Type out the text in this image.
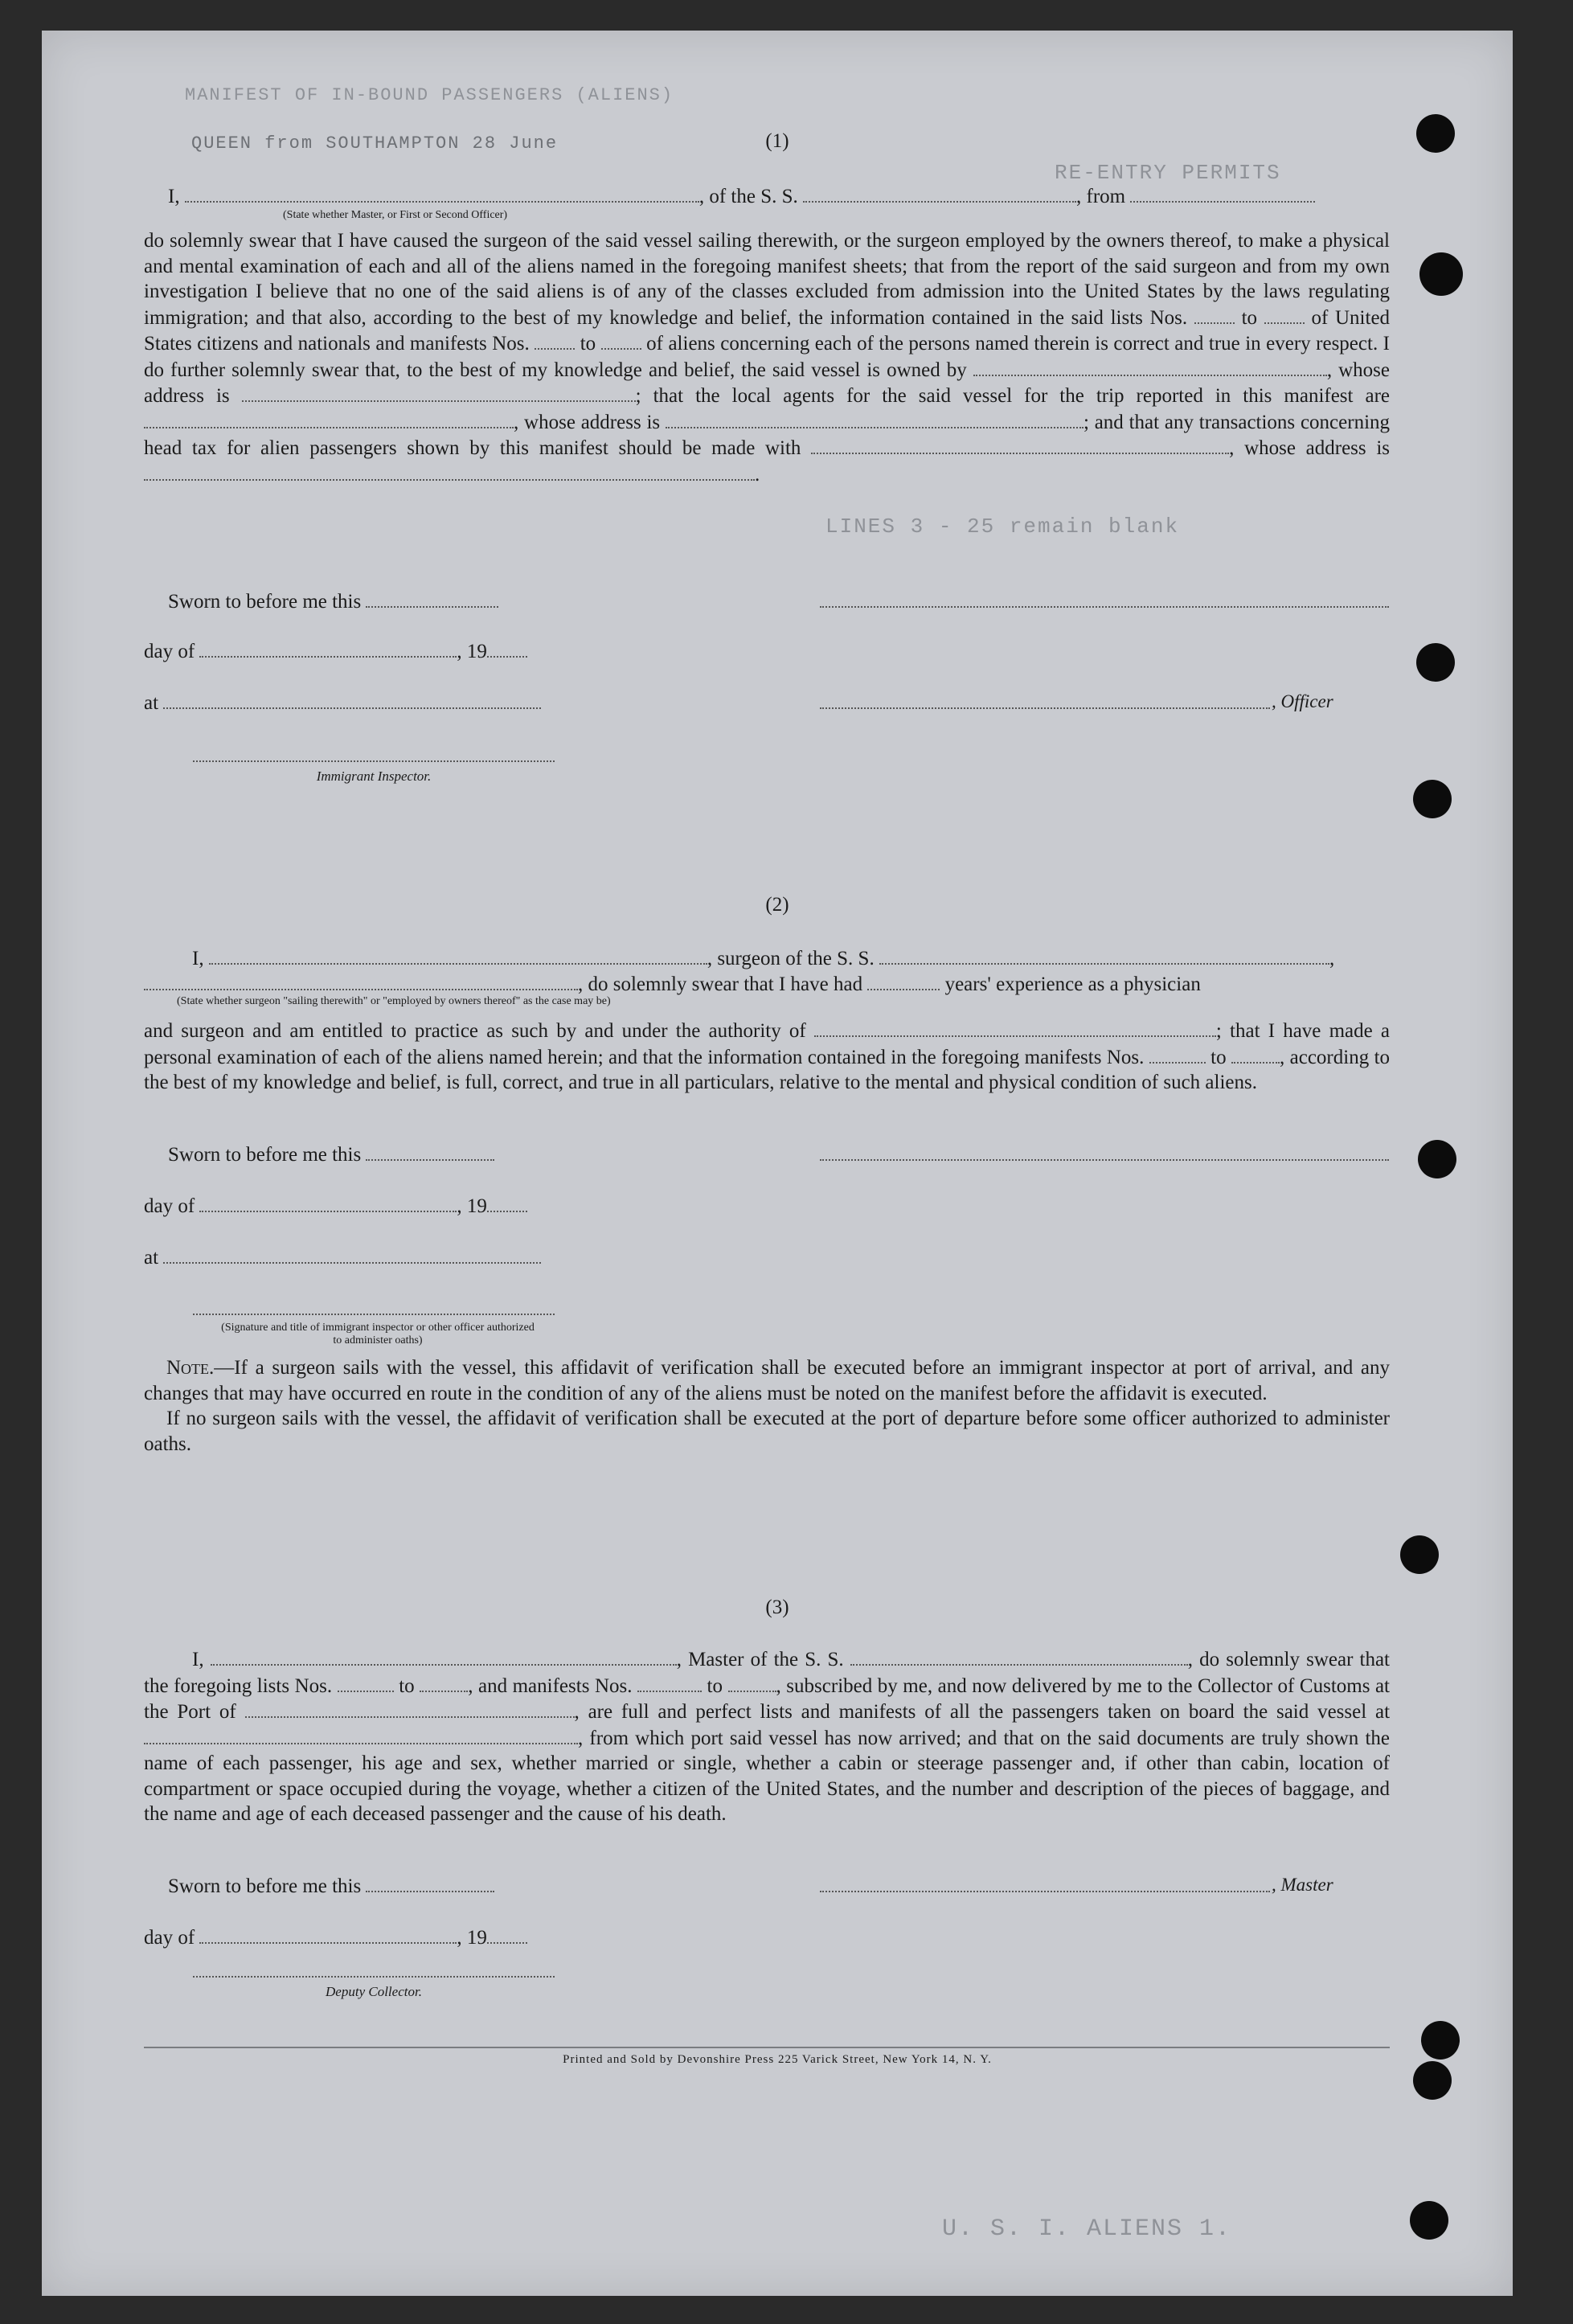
MANIFEST OF IN-BOUND PASSENGERS (ALIENS)
QUEEN from SOUTHAMPTON 28 June
RE-ENTRY PERMITS
LINES 3 - 25 remain blank
U. S. I. ALIENS 1.
(1)
I,	, of the S. S.	, from
(State whether Master, or First or Second Officer)
do solemnly swear that I have caused the surgeon of the said vessel sailing therewith, or the surgeon employed by the owners thereof, to make a physical and mental examination of each and all of the aliens named in the foregoing manifest sheets; that from the report of the said surgeon and from my own investigation I believe that no one of the said aliens is of any of the classes excluded from admission into the United States by the laws regulating immigration; and that also, according to the best of my knowledge and belief, the information contained in the said lists Nos.	to	of United States citizens and nationals and manifests Nos.	to	of aliens concerning each of the persons named therein is correct and true in every respect. I do further solemnly swear that, to the best of my knowledge and belief, the said vessel is owned by	, whose address is	; that the local agents for the said vessel for the trip reported in this manifest are , whose address is	; and that any transactions concerning head tax for alien passengers shown by this manifest should be made with	, whose address is .
Sworn to before me this
day of	, 19
at	, Officer
Immigrant Inspector.
(2)
I,	, surgeon of the S. S.	,
, do solemnly swear that I have had	years' experience as a physician
(State whether surgeon "sailing therewith" or "employed by owners thereof" as the case may be)
and surgeon and am entitled to practice as such by and under the authority of	; that I have made a personal examination of each of the aliens named herein; and that the information contained in the foregoing manifests Nos.	to	, according to the best of my knowledge and belief, is full, correct, and true in all particulars, relative to the mental and physical condition of such aliens.
Sworn to before me this
day of	, 19
at
(Signature and title of immigrant inspector or other officer authorized to administer oaths)
Note.—If a surgeon sails with the vessel, this affidavit of verification shall be executed before an immigrant inspector at port of arrival, and any changes that may have occurred en route in the condition of any of the aliens must be noted on the manifest before the affidavit is executed.
If no surgeon sails with the vessel, the affidavit of verification shall be executed at the port of departure before some officer authorized to administer oaths.
(3)
I,	, Master of the S. S.	, do solemnly swear that the foregoing lists Nos.	to	, and manifests Nos.	to	, subscribed by me, and now delivered by me to the Collector of Customs at the Port of	, are full and perfect lists and manifests of all the passengers taken on board the said vessel at , from which port said vessel has now arrived; and that on the said documents are truly shown the name of each passenger, his age and sex, whether married or single, whether a cabin or steerage passenger and, if other than cabin, location of compartment or space occupied during the voyage, whether a citizen of the United States, and the number and description of the pieces of baggage, and the name and age of each deceased passenger and the cause of his death.
Sworn to before me this	, Master
day of	, 19
Deputy Collector.
Printed and Sold by Devonshire Press 225 Varick Street, New York 14, N. Y.
